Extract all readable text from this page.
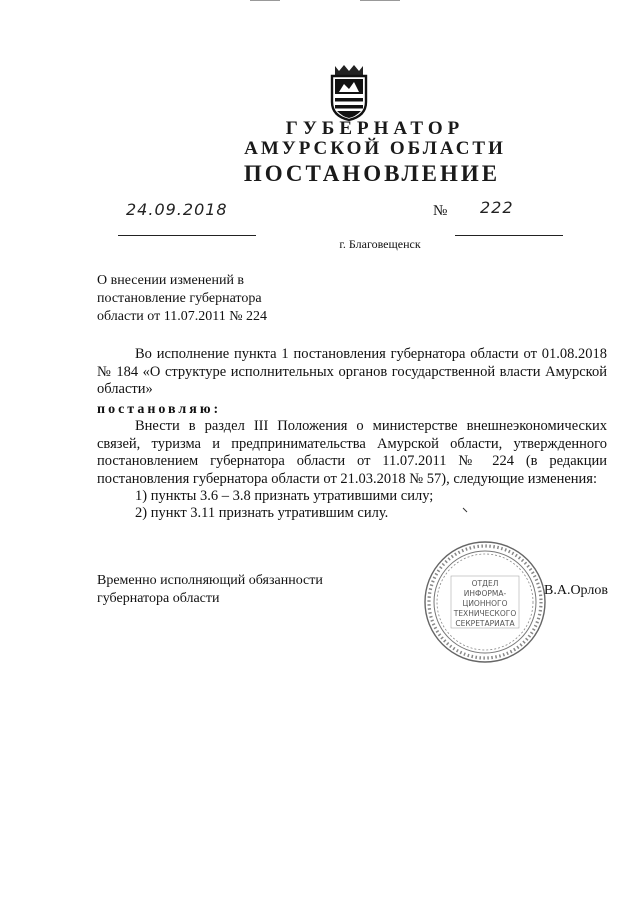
ГУБЕРНАТОР
АМУРСКОЙ ОБЛАСТИ
ПОСТАНОВЛЕНИЕ
24.09.2018	№ 222
г. Благовещенск
О внесении изменений в
постановление губернатора
области от 11.07.2011 № 224
Во исполнение пункта 1 постановления губернатора области от 01.08.2018 № 184 «О структуре исполнительных органов государственной власти Амурской области»
постановляю:
Внести в раздел III Положения о министерстве внешнеэкономических связей, туризма и предпринимательства Амурской области, утвержденного постановлением губернатора области от 11.07.2011 № 224 (в редакции постановления губернатора области от 21.03.2018 № 57), следующие изменения:
1) пункты 3.6 – 3.8 признать утратившими силу;
2) пункт 3.11 признать утратившим силу.
Временно исполняющий обязанности
губернатора области
ОТДЕЛ
ИНФОРМА-
ЦИОННОГО
ТЕХНИЧЕСКОГО
СЕКРЕТАРИАТА
В.А.Орлов
